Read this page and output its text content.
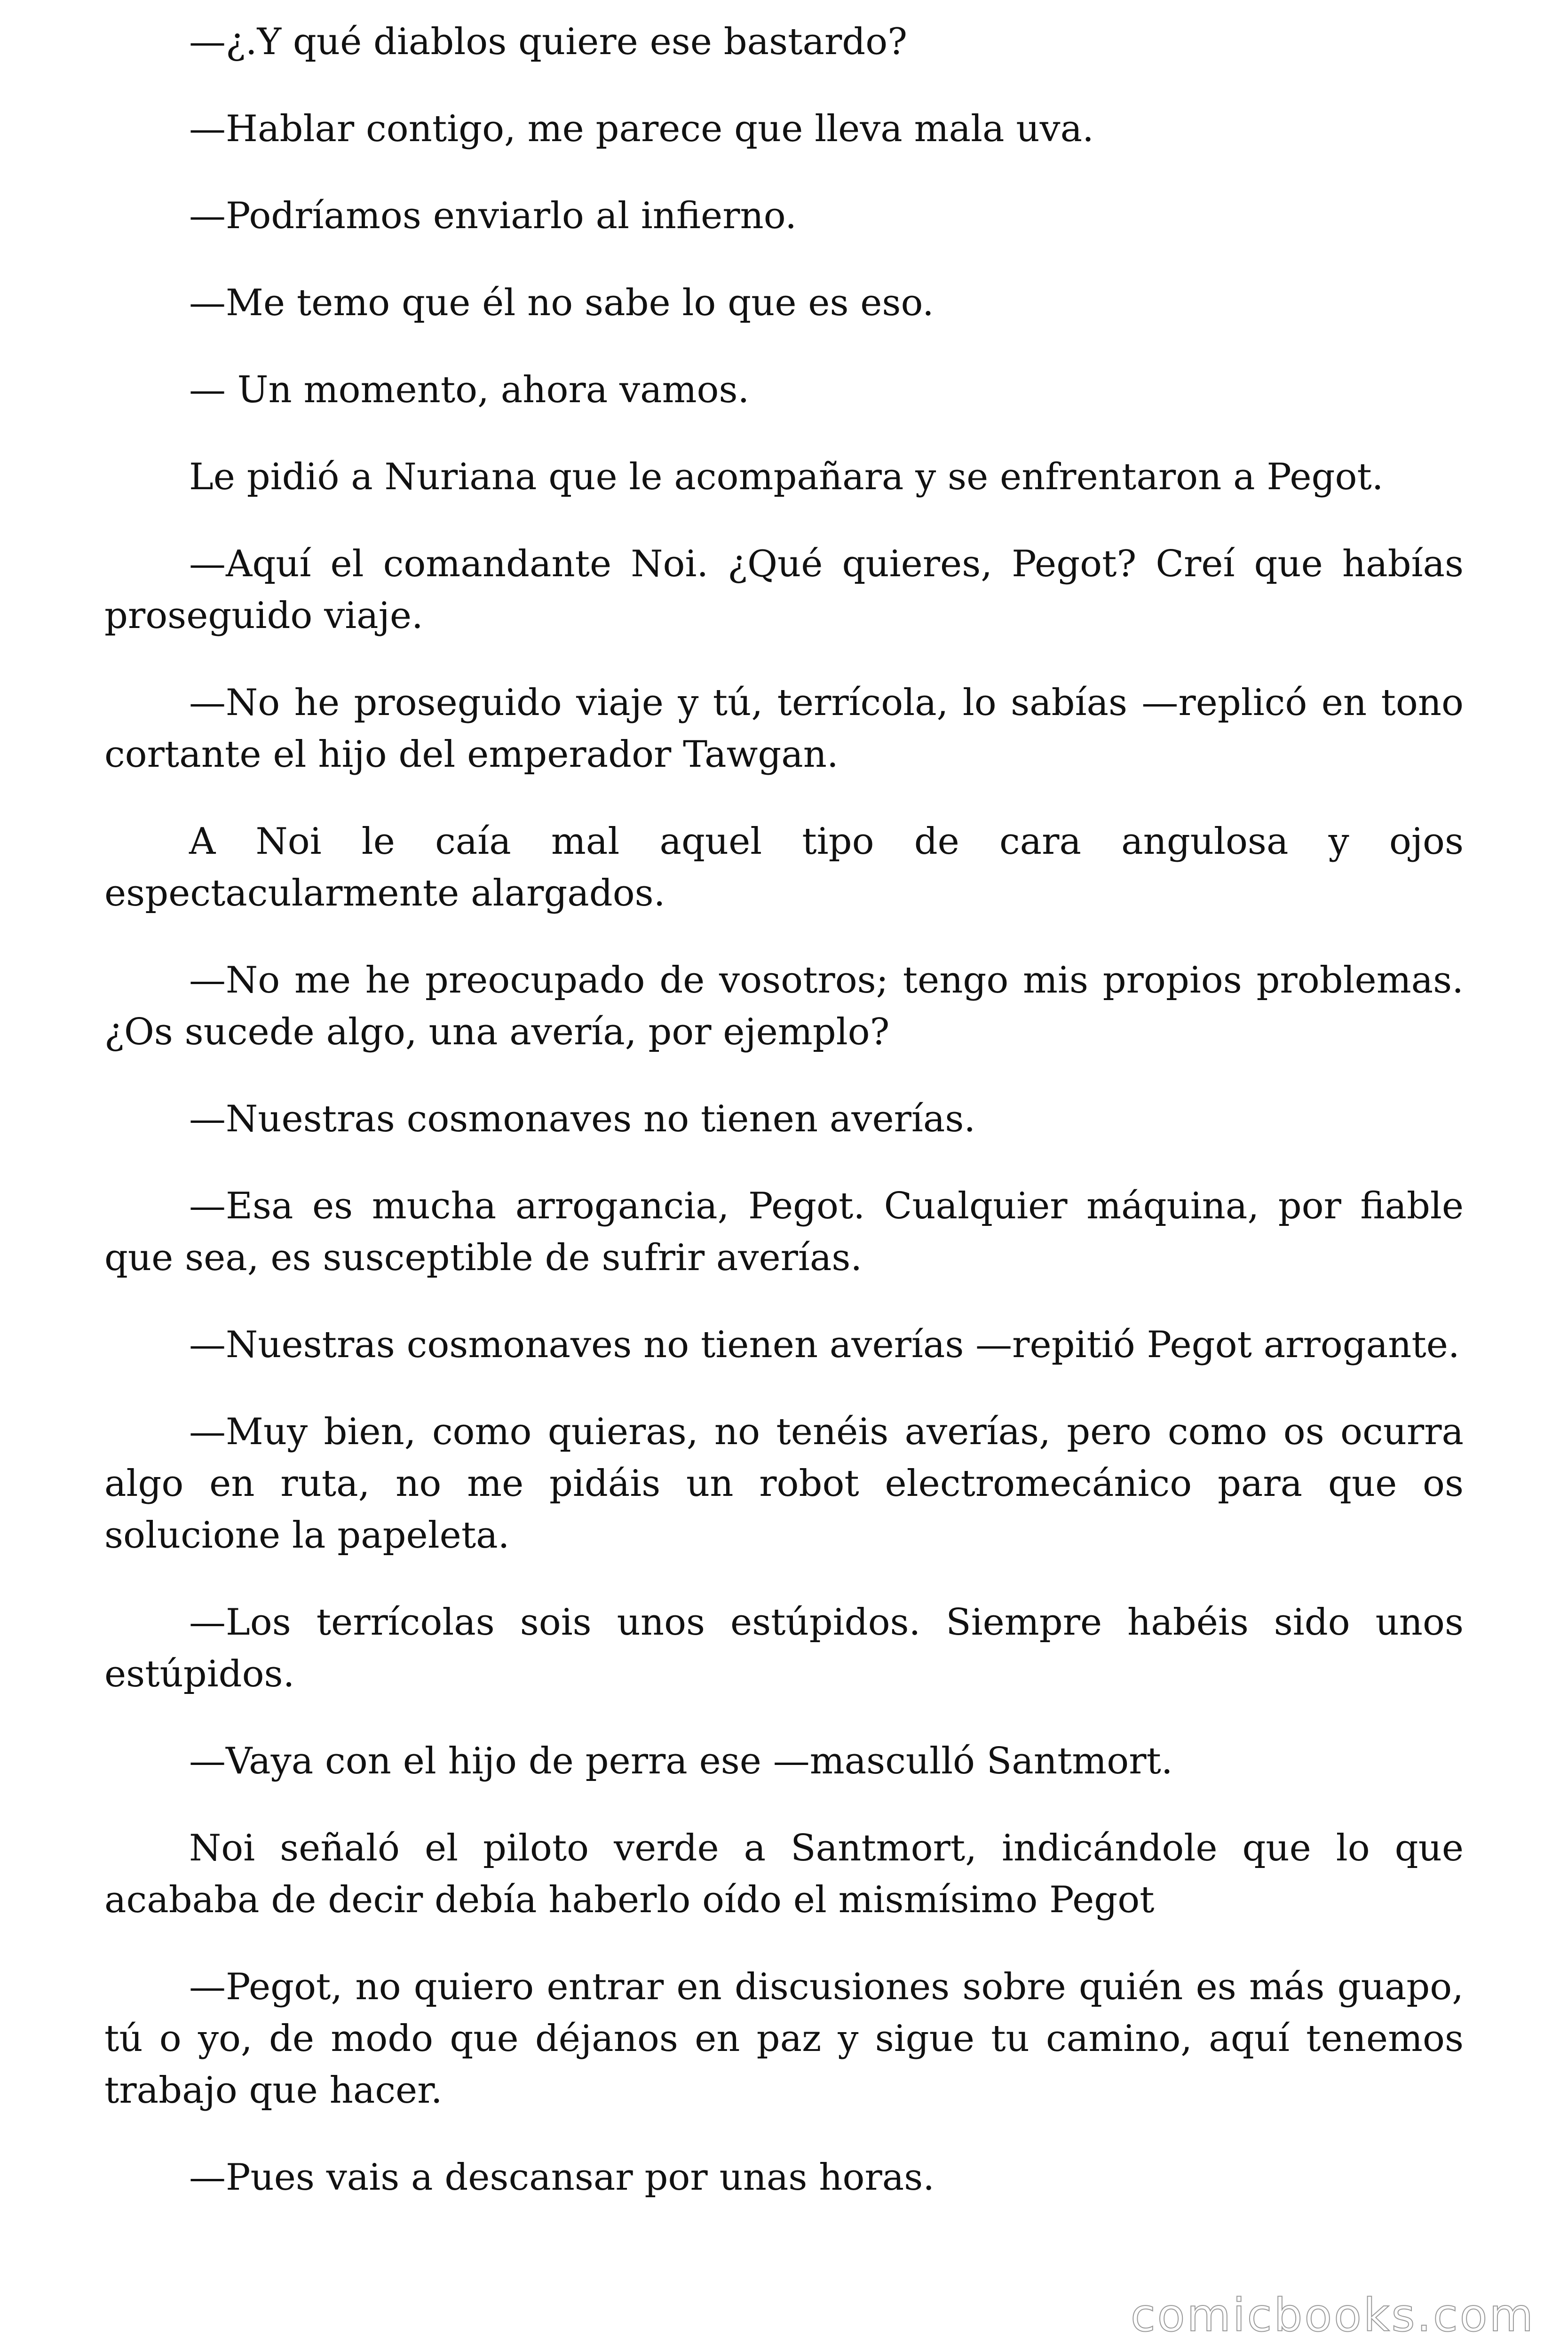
—¿.Y qué diablos quiere ese bastardo?

—Hablar contigo, me parece que lleva mala uva.

—Podríamos enviarlo al infierno.

—Me temo que él no sabe lo que es eso.

— Un momento, ahora vamos.

Le pidió a Nuriana que le acompañara y se enfrentaron a Pegot.

—Aquí el comandante Noi. ¿Qué quieres, Pegot? Creí que habías proseguido viaje.

—No he proseguido viaje y tú, terrícola, lo sabías —replicó en tono cortante el hijo del emperador Tawgan.

A Noi le caía mal aquel tipo de cara angulosa y ojos espectacularmente alargados.

—No me he preocupado de vosotros; tengo mis propios problemas. ¿Os sucede algo, una avería, por ejemplo?

—Nuestras cosmonaves no tienen averías.

—Esa es mucha arrogancia, Pegot. Cualquier máquina, por fiable que sea, es susceptible de sufrir averías.

—Nuestras cosmonaves no tienen averías —repitió Pegot arrogante.

—Muy bien, como quieras, no tenéis averías, pero como os ocurra algo en ruta, no me pidáis un robot electromecánico para que os solucione la papeleta.

—Los terrícolas sois unos estúpidos. Siempre habéis sido unos estúpidos.

—Vaya con el hijo de perra ese —masculló Santmort.

Noi señaló el piloto verde a Santmort, indicándole que lo que acababa de decir debía haberlo oído el mismísimo Pegot

—Pegot, no quiero entrar en discusiones sobre quién es más guapo, tú o yo, de modo que déjanos en paz y sigue tu camino, aquí tenemos trabajo que hacer.

—Pues vais a descansar por unas horas.

comicbooks.com
